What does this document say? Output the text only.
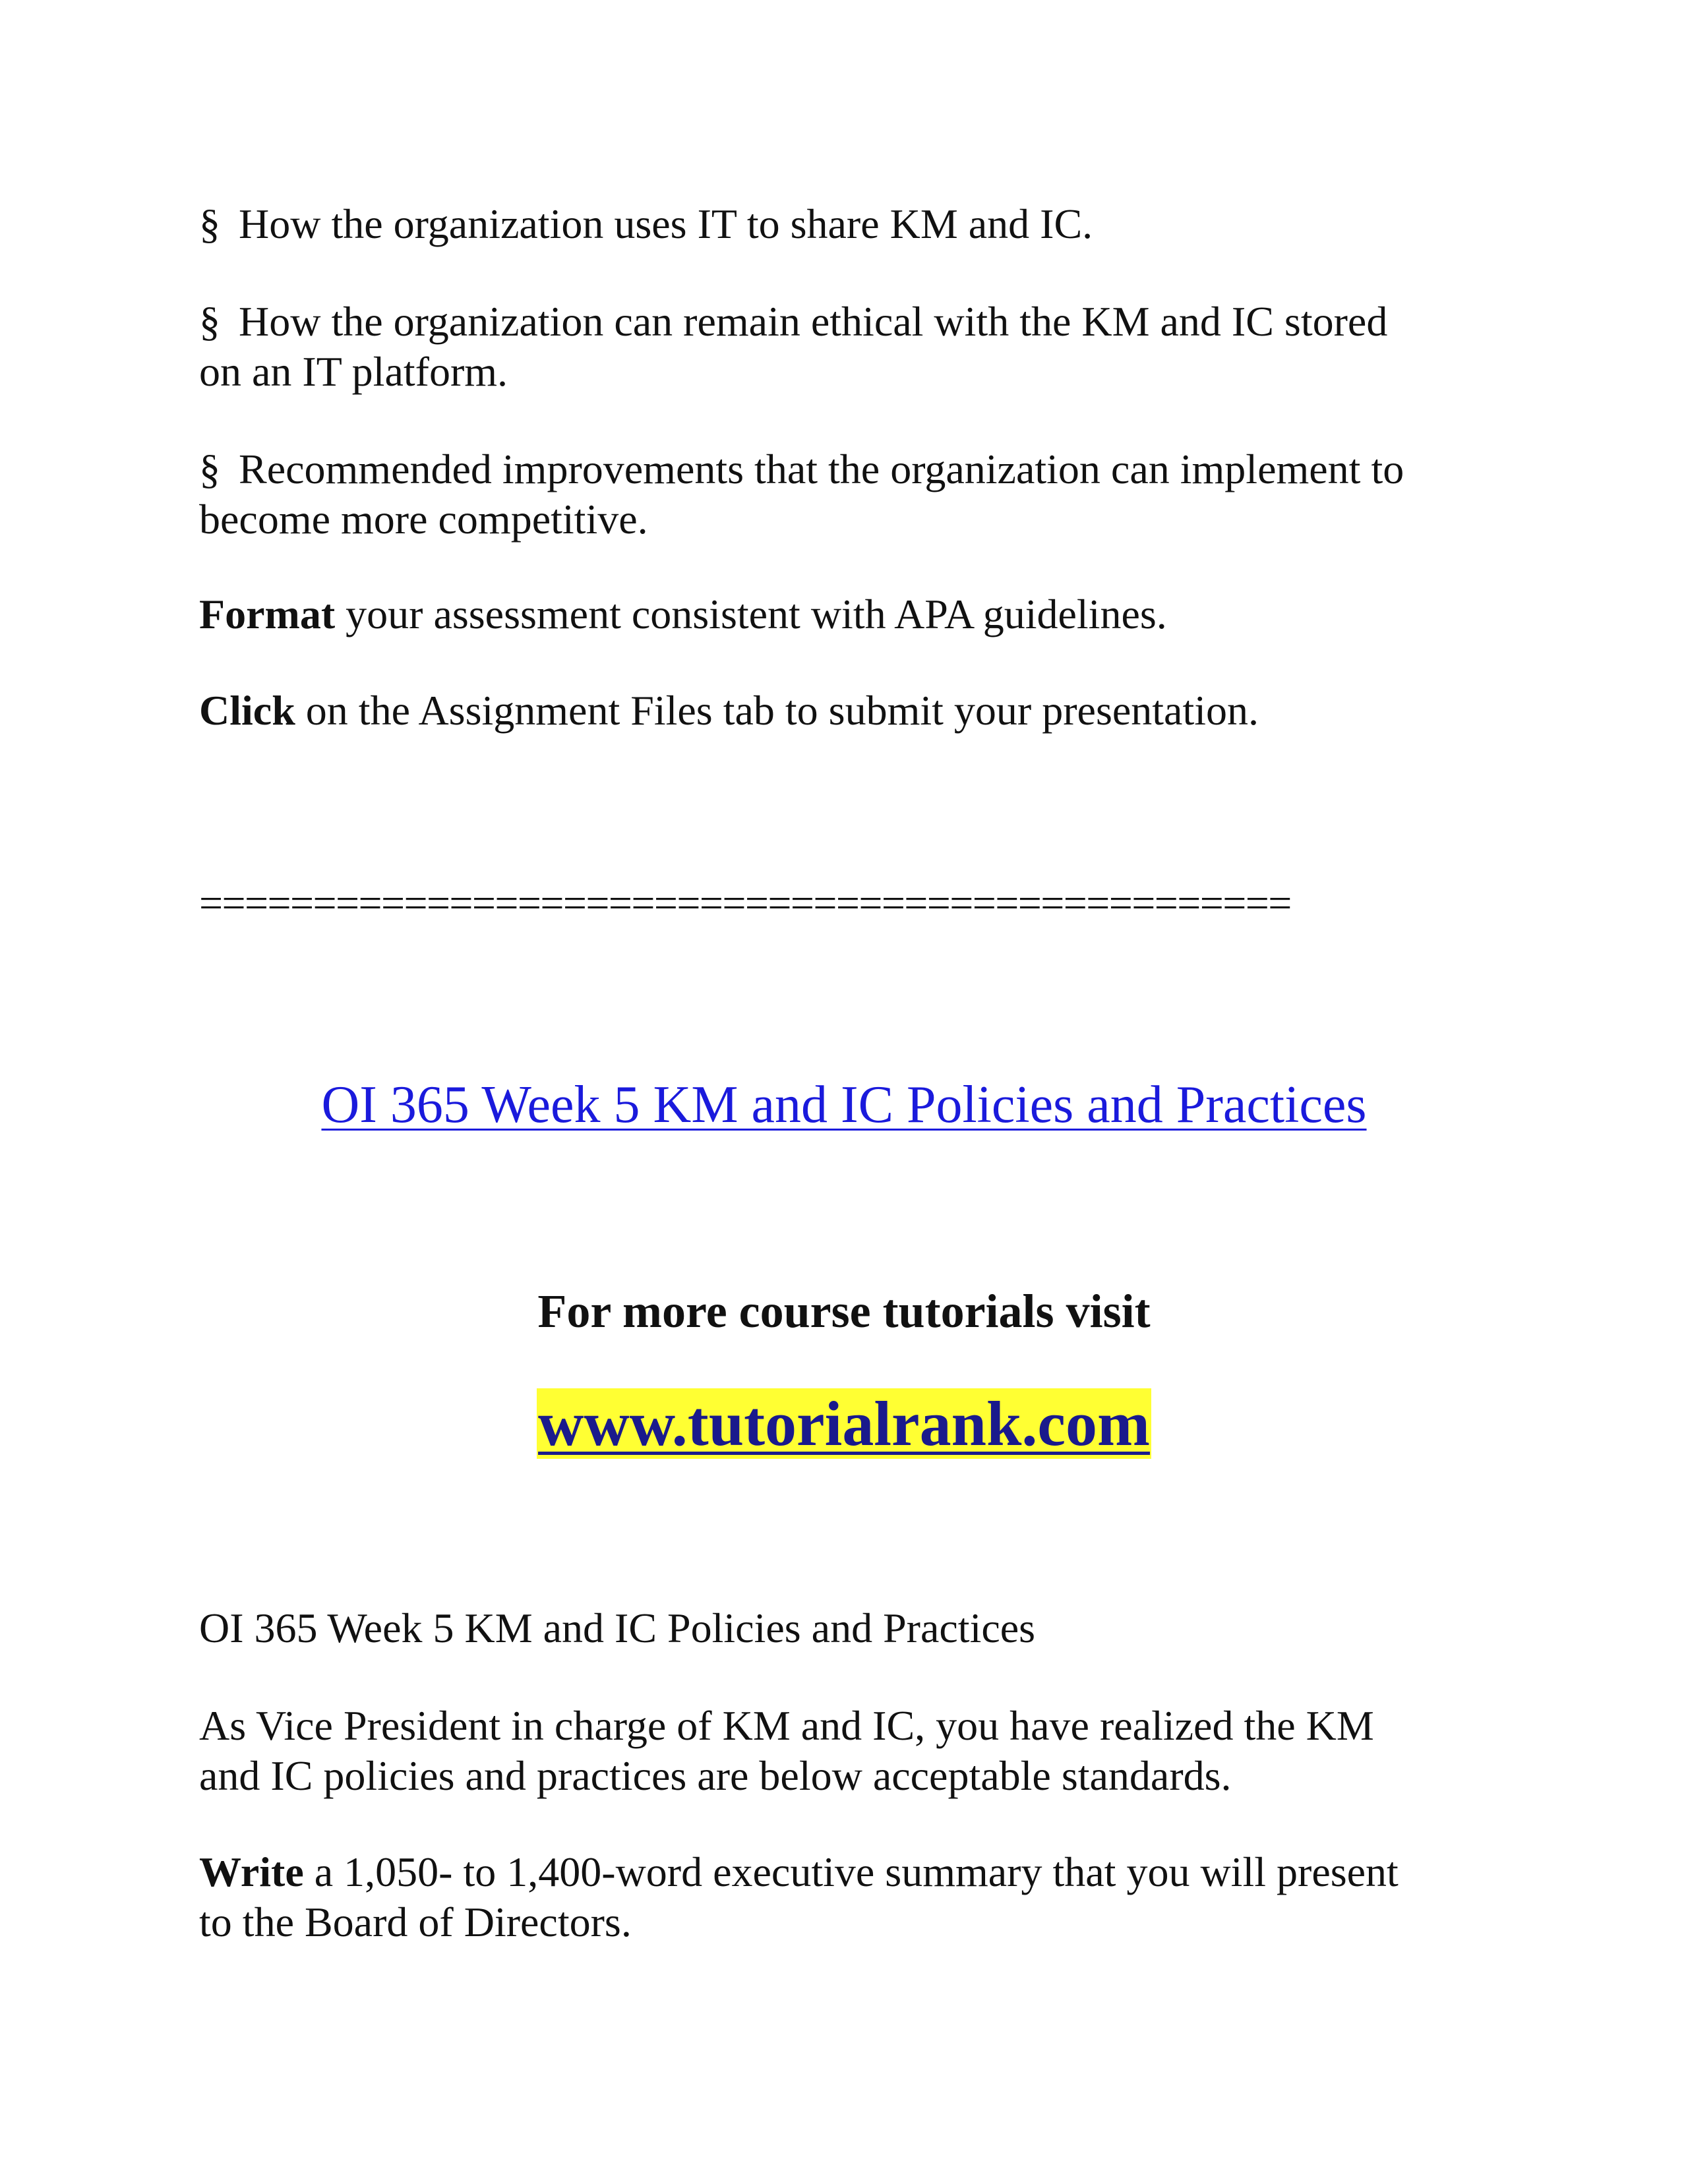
§ How the organization uses IT to share KM and IC.

§ How the organization can remain ethical with the KM and IC stored
on an IT platform.

§ Recommended improvements that the organization can implement to
become more competitive.

Format your assessment consistent with APA guidelines.

Click on the Assignment Files tab to submit your presentation.

================================================

OI 365 Week 5 KM and IC Policies and Practices

For more course tutorials visit

www.tutorialrank.com

OI 365 Week 5 KM and IC Policies and Practices

As Vice President in charge of KM and IC, you have realized the KM
and IC policies and practices are below acceptable standards.

Write a 1,050- to 1,400-word executive summary that you will present
to the Board of Directors.
